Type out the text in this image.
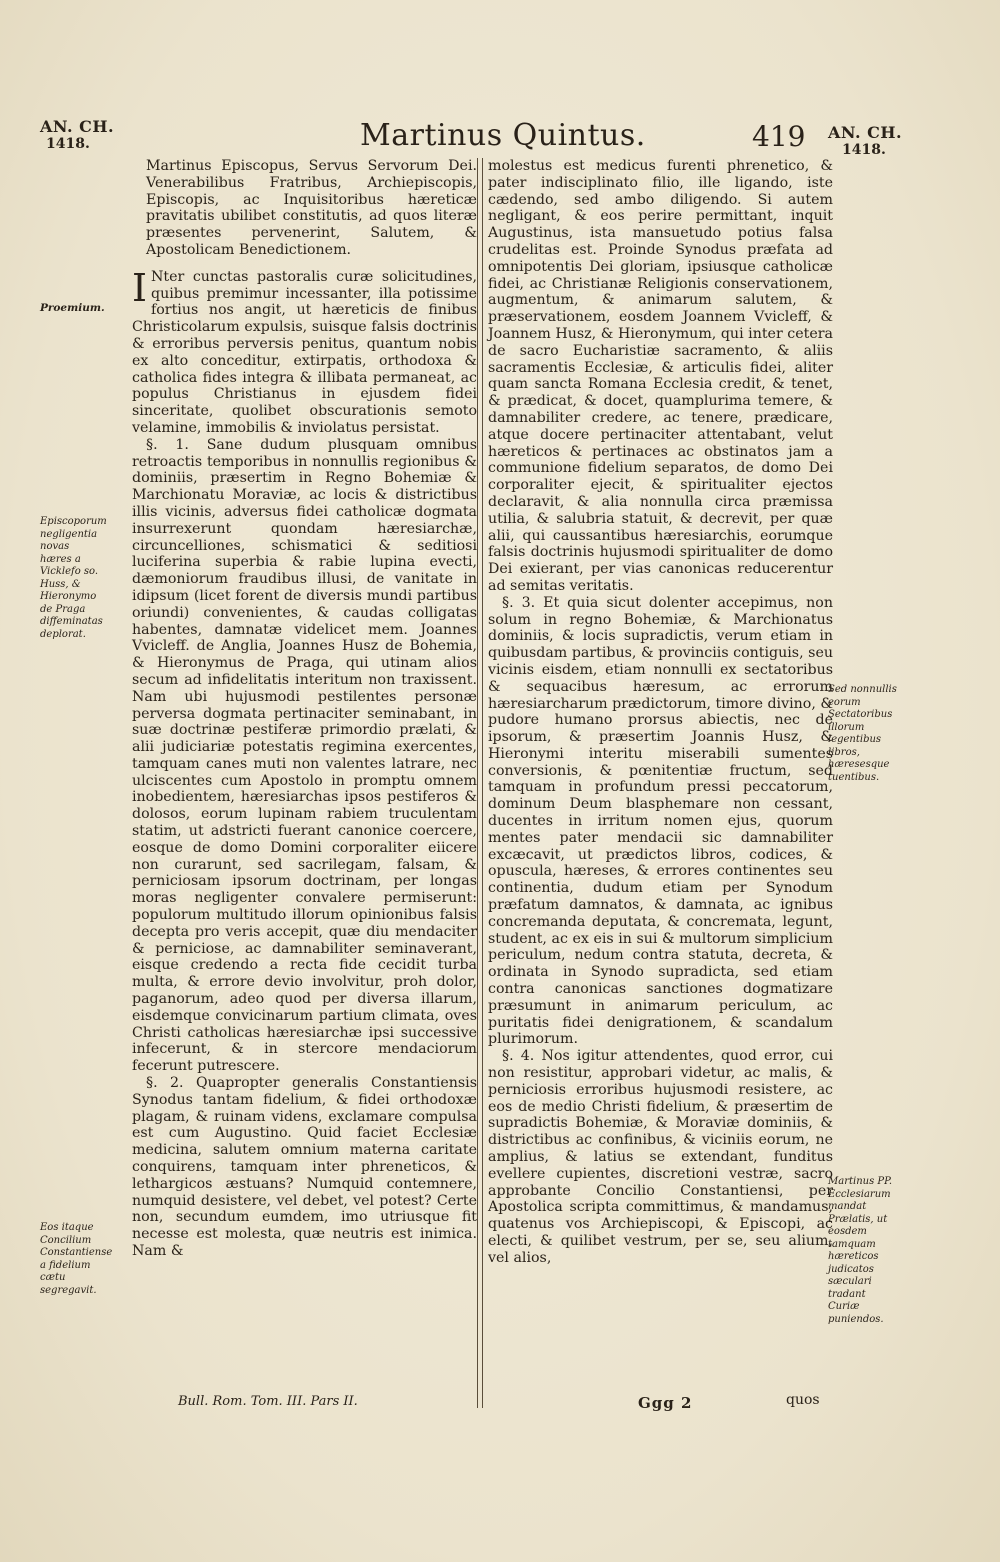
AN. CH.
1418.	Martinus Quintus.	419 AN. CH.
1418.
Proemium.
Episcoporum negligentia novas hæres a Vicklefo so. Huss, & Hieronymo de Praga diffeminatas deplorat.
Eos itaque Concilium Constantiense a fidelium cætu segregavit.
Sed nonnullis eorum Sectatoribus illorum legentibus libros, hæresesque tuentibus.
Martinus PP. Ecclesiarum mandat Prælatis, ut eosdem tamquam hæreticos judicatos sæculari tradant Curiæ puniendos.

Martinus Episcopus, Servus Servorum Dei. Venerabilibus Fratribus, Archiepiscopis, Episcopis, ac Inquisitoribus hæreticæ pravitatis ubilibet constitutis, ad quos literæ præsentes pervenerint, Salutem, & Apostolicam Benedictionem.

I Nter cunctas pastoralis curæ solicitudines, quibus premimur incessanter, illa potissime fortius nos angit, ut hæreticis de finibus Christicolarum expulsis, suisque falsis doctrinis & erroribus perversis penitus, quantum nobis ex alto conceditur, extirpatis, orthodoxa & catholica fides integra & illibata permaneat, ac populus Christianus in ejusdem fidei sinceritate, quolibet obscurationis semoto velamine, immobilis & inviolatus persistat.

§. 1. Sane dudum plusquam omnibus retroactis temporibus in nonnullis regionibus & dominiis, præsertim in Regno Bohemiæ & Marchionatu Moraviæ, ac locis & districtibus illis vicinis, adversus fidei catholicæ dogmata insurrexerunt quondam hæresiarchæ, circuncelliones, schismatici & seditiosi luciferina superbia & rabie lupina evecti, dæmoniorum fraudibus illusi, de vanitate in idipsum (licet forent de diversis mundi partibus oriundi) convenientes, & caudas colligatas habentes, damnatæ videlicet mem. Joannes Vvicleff. de Anglia, Joannes Husz de Bohemia, & Hieronymus de Praga, qui utinam alios secum ad infidelitatis interitum non traxissent. Nam ubi hujusmodi pestilentes personæ perversa dogmata pertinaciter seminabant, in suæ doctrinæ pestiferæ primordio prælati, & alii judiciariæ potestatis regimina exercentes, tamquam canes muti non valentes latrare, nec ulciscentes cum Apostolo in promptu omnem inobedientem, hæresiarchas ipsos pestiferos & dolosos, eorum lupinam rabiem truculentam statim, ut adstricti fuerant canonice coercere, eosque de domo Domini corporaliter eiicere non curarunt, sed sacrilegam, falsam, & perniciosam ipsorum doctrinam, per longas moras negligenter convalere permiserunt: populorum multitudo illorum opinionibus falsis decepta pro veris accepit, quæ diu mendaciter & perniciose, ac damnabiliter seminaverant, eisque credendo a recta fide cecidit turba multa, & errore devio involvitur, proh dolor, paganorum, adeo quod per diversa illarum, eisdemque convicinarum partium climata, oves Christi catholicas hæresiarchæ ipsi successive infecerunt, & in stercore mendaciorum fecerunt putrescere.

§. 2. Quapropter generalis Constantiensis Synodus tantam fidelium, & fidei orthodoxæ plagam, & ruinam videns, exclamare compulsa est cum Augustino. Quid faciet Ecclesiæ medicina, salutem omnium materna caritate conquirens, tamquam inter phreneticos, & lethargicos æstuans? Numquid contemnere, numquid desistere, vel debet, vel potest? Certe non, secundum eumdem, imo utriusque fit necesse est molesta, quæ neutris est inimica. Nam &

molestus est medicus furenti phrenetico, & pater indisciplinato filio, ille ligando, iste cædendo, sed ambo diligendo. Si autem negligant, & eos perire permittant, inquit Augustinus, ista mansuetudo potius falsa crudelitas est. Proinde Synodus præfata ad omnipotentis Dei gloriam, ipsiusque catholicæ fidei, ac Christianæ Religionis conservationem, augmentum, & animarum salutem, & præservationem, eosdem Joannem Vvicleff, & Joannem Husz, & Hieronymum, qui inter cetera de sacro Eucharistiæ sacramento, & aliis sacramentis Ecclesiæ, & articulis fidei, aliter quam sancta Romana Ecclesia credit, & tenet, & prædicat, & docet, quamplurima temere, & damnabiliter credere, ac tenere, prædicare, atque docere pertinaciter attentabant, velut hæreticos & pertinaces ac obstinatos jam a communione fidelium separatos, de domo Dei corporaliter ejecit, & spiritualiter ejectos declaravit, & alia nonnulla circa præmissa utilia, & salubria statuit, & decrevit, per quæ alii, qui caussantibus hæresiarchis, eorumque falsis doctrinis hujusmodi spiritualiter de domo Dei exierant, per vias canonicas reducerentur ad semitas veritatis.

§. 3. Et quia sicut dolenter accepimus, non solum in regno Bohemiæ, & Marchionatus dominiis, & locis supradictis, verum etiam in quibusdam partibus, & provinciis contiguis, seu vicinis eisdem, etiam nonnulli ex sectatoribus & sequacibus hæresum, ac errorum hæresiarcharum prædictorum, timore divino, & pudore humano prorsus abiectis, nec de ipsorum, & præsertim Joannis Husz, & Hieronymi interitu miserabili sumentes conversionis, & pœnitentiæ fructum, sed tamquam in profundum pressi peccatorum, dominum Deum blasphemare non cessant, ducentes in irritum nomen ejus, quorum mentes pater mendacii sic damnabiliter excæcavit, ut prædictos libros, codices, & opuscula, hæreses, & errores continentes seu continentia, dudum etiam per Synodum præfatum damnatos, & damnata, ac ignibus concremanda deputata, & concremata, legunt, student, ac ex eis in sui & multorum simplicium periculum, nedum contra statuta, decreta, & ordinata in Synodo supradicta, sed etiam contra canonicas sanctiones dogmatizare præsumunt in animarum periculum, ac puritatis fidei denigrationem, & scandalum plurimorum.

§. 4. Nos igitur attendentes, quod error, cui non resistitur, approbari videtur, ac malis, & perniciosis erroribus hujusmodi resistere, ac eos de medio Christi fidelium, & præsertim de supradictis Bohemiæ, & Moraviæ dominiis, & districtibus ac confinibus, & viciniis eorum, ne amplius, & latius se extendant, funditus evellere cupientes, discretioni vestræ, sacro approbante Concilio Constantiensi, per Apostolica scripta committimus, & mandamus, quatenus vos Archiepiscopi, & Episcopi, ac electi, & quilibet vestrum, per se, seu alium, vel alios,

Bull. Rom. Tom. III. Pars II.	Ggg 2	quos
